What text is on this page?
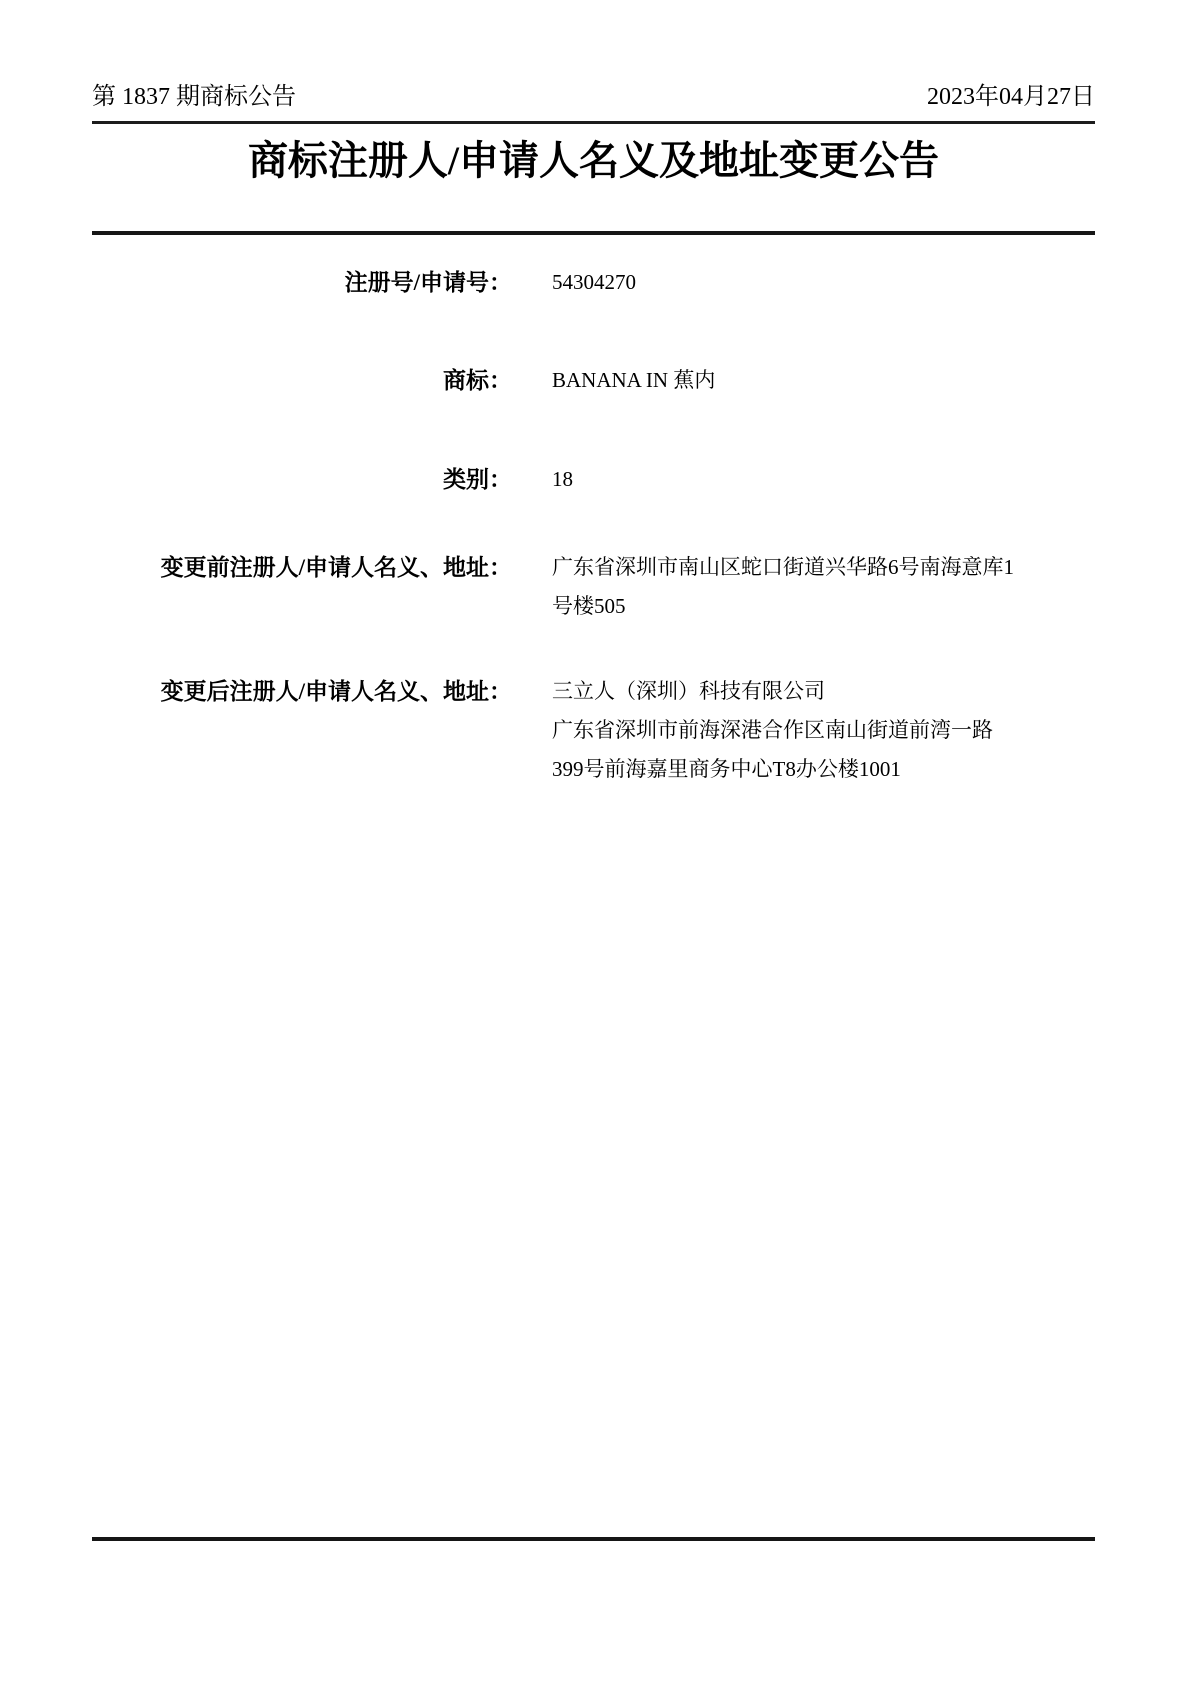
第 1837 期商标公告	2023年04月27日
商标注册人/申请人名义及地址变更公告
注册号/申请号： 54304270
商标： BANANA IN 蕉内
类别： 18
变更前注册人/申请人名义、地址： 广东省深圳市南山区蛇口街道兴华路6号南海意库1号楼505
变更后注册人/申请人名义、地址： 三立人（深圳）科技有限公司
广东省深圳市前海深港合作区南山街道前湾一路399号前海嘉里商务中心T8办公楼1001
